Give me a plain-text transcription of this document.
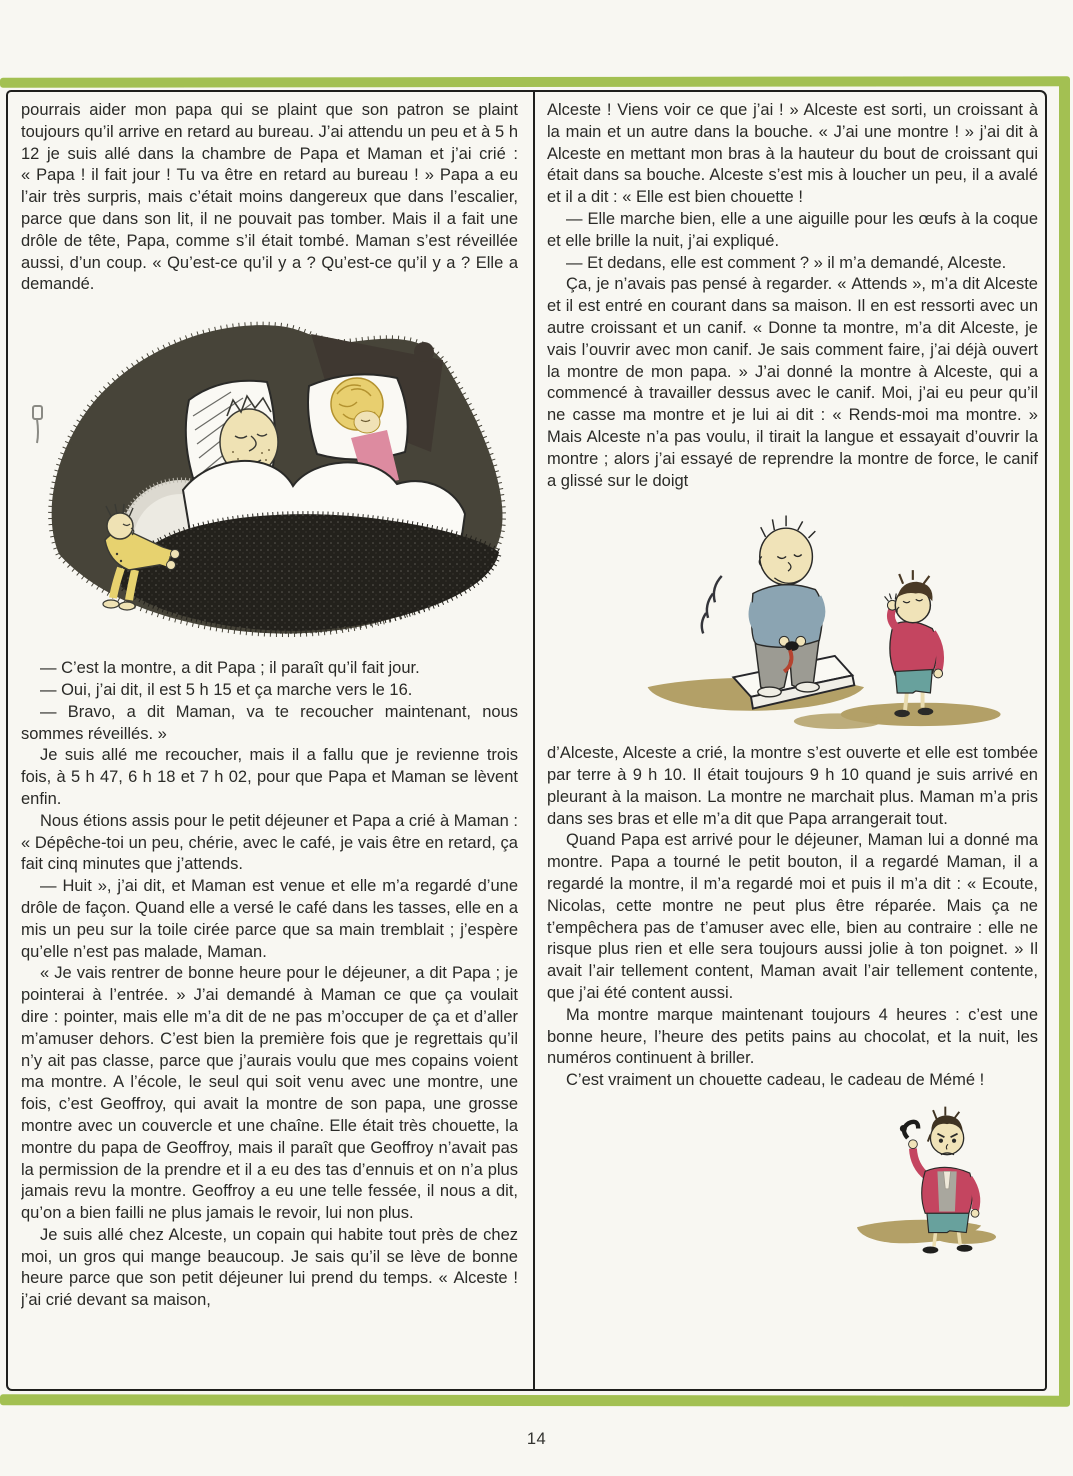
pourrais aider mon papa qui se plaint que son patron se plaint toujours qu’il arrive en retard au bureau. J’ai attendu un peu et à 5 h 12 je suis allé dans la chambre de Papa et Maman et j’ai crié : « Papa ! il fait jour ! Tu va être en retard au bureau ! » Papa a eu l’air très surpris, mais c’était moins dangereux que dans l’escalier, parce que dans son lit, il ne pouvait pas tomber. Mais il a fait une drôle de tête, Papa, comme s’il était tombé. Maman s’est réveillée aussi, d’un coup. « Qu’est-ce qu’il y a ? Qu’est-ce qu’il y a ? Elle a demandé.

— C’est la montre, a dit Papa ; il paraît qu’il fait jour.

— Oui, j’ai dit, il est 5 h 15 et ça marche vers le 16.

— Bravo, a dit Maman, va te recoucher maintenant, nous sommes réveillés. »

Je suis allé me recoucher, mais il a fallu que je revienne trois fois, à 5 h 47, 6 h 18 et 7 h 02, pour que Papa et Maman se lèvent enfin.

Nous étions assis pour le petit déjeuner et Papa a crié à Maman : « Dépêche-toi un peu, chérie, avec le café, je vais être en retard, ça fait cinq minutes que j’attends.

— Huit », j’ai dit, et Maman est venue et elle m’a regardé d’une drôle de façon. Quand elle a versé le café dans les tasses, elle en a mis un peu sur la toile cirée parce que sa main tremblait ; j’espère qu’elle n’est pas malade, Maman.

« Je vais rentrer de bonne heure pour le déjeuner, a dit Papa ; je pointerai à l’entrée. » J’ai demandé à Maman ce que ça voulait dire : pointer, mais elle m’a dit de ne pas m’occuper de ça et d’aller m’amuser dehors. C’est bien la première fois que je regrettais qu’il n’y ait pas classe, parce que j’aurais voulu que mes copains voient ma montre. A l’école, le seul qui soit venu avec une montre, une fois, c’est Geoffroy, qui avait la montre de son papa, une grosse montre avec un couvercle et une chaîne. Elle était très chouette, la montre du papa de Geoffroy, mais il paraît que Geoffroy n’avait pas la permission de la prendre et il a eu des tas d’ennuis et on n’a plus jamais revu la montre. Geoffroy a eu une telle fessée, il nous a dit, qu’on a bien failli ne plus jamais le revoir, lui non plus.

Je suis allé chez Alceste, un copain qui habite tout près de chez moi, un gros qui mange beaucoup. Je sais qu’il se lève de bonne heure parce que son petit déjeuner lui prend du temps. « Alceste ! j’ai crié devant sa maison,

Alceste ! Viens voir ce que j’ai ! » Alceste est sorti, un croissant à la main et un autre dans la bouche. « J’ai une montre ! » j’ai dit à Alceste en mettant mon bras à la hauteur du bout de croissant qui était dans sa bouche. Alceste s’est mis à loucher un peu, il a avalé et il a dit : « Elle est bien chouette !

— Elle marche bien, elle a une aiguille pour les œufs à la coque et elle brille la nuit, j’ai expliqué.

— Et dedans, elle est comment ? » il m’a demandé, Alceste.

Ça, je n’avais pas pensé à regarder. « Attends », m’a dit Alceste et il est entré en courant dans sa maison. Il en est ressorti avec un autre croissant et un canif. « Donne ta montre, m’a dit Alceste, je vais l’ouvrir avec mon canif. Je sais comment faire, j’ai déjà ouvert la montre de mon papa. » J’ai donné la montre à Alceste, qui a commencé à travailler dessus avec le canif. Moi, j’ai eu peur qu’il ne casse ma montre et je lui ai dit : « Rends-moi ma montre. » Mais Alceste n’a pas voulu, il tirait la langue et essayait d’ouvrir la montre ; alors j’ai essayé de reprendre la montre de force, le canif a glissé sur le doigt

d’Alceste, Alceste a crié, la montre s’est ouverte et elle est tombée par terre à 9 h 10. Il était toujours 9 h 10 quand je suis arrivé en pleurant à la maison. La montre ne marchait plus. Maman m’a pris dans ses bras et elle m’a dit que Papa arrangerait tout.

Quand Papa est arrivé pour le déjeuner, Maman lui a donné ma montre. Papa a tourné le petit bouton, il a regardé Maman, il a regardé la montre, il m’a regardé moi et puis il m’a dit : « Ecoute, Nicolas, cette montre ne peut plus être réparée. Mais ça ne t’empêchera pas de t’amuser avec elle, bien au contraire : elle ne risque plus rien et elle sera toujours aussi jolie à ton poignet. » Il avait l’air tellement content, Maman avait l’air tellement contente, que j’ai été content aussi.

Ma montre marque maintenant toujours 4 heures : c’est une bonne heure, l’heure des petits pains au chocolat, et la nuit, les numéros continuent à briller.

C’est vraiment un chouette cadeau, le cadeau de Mémé !

14
